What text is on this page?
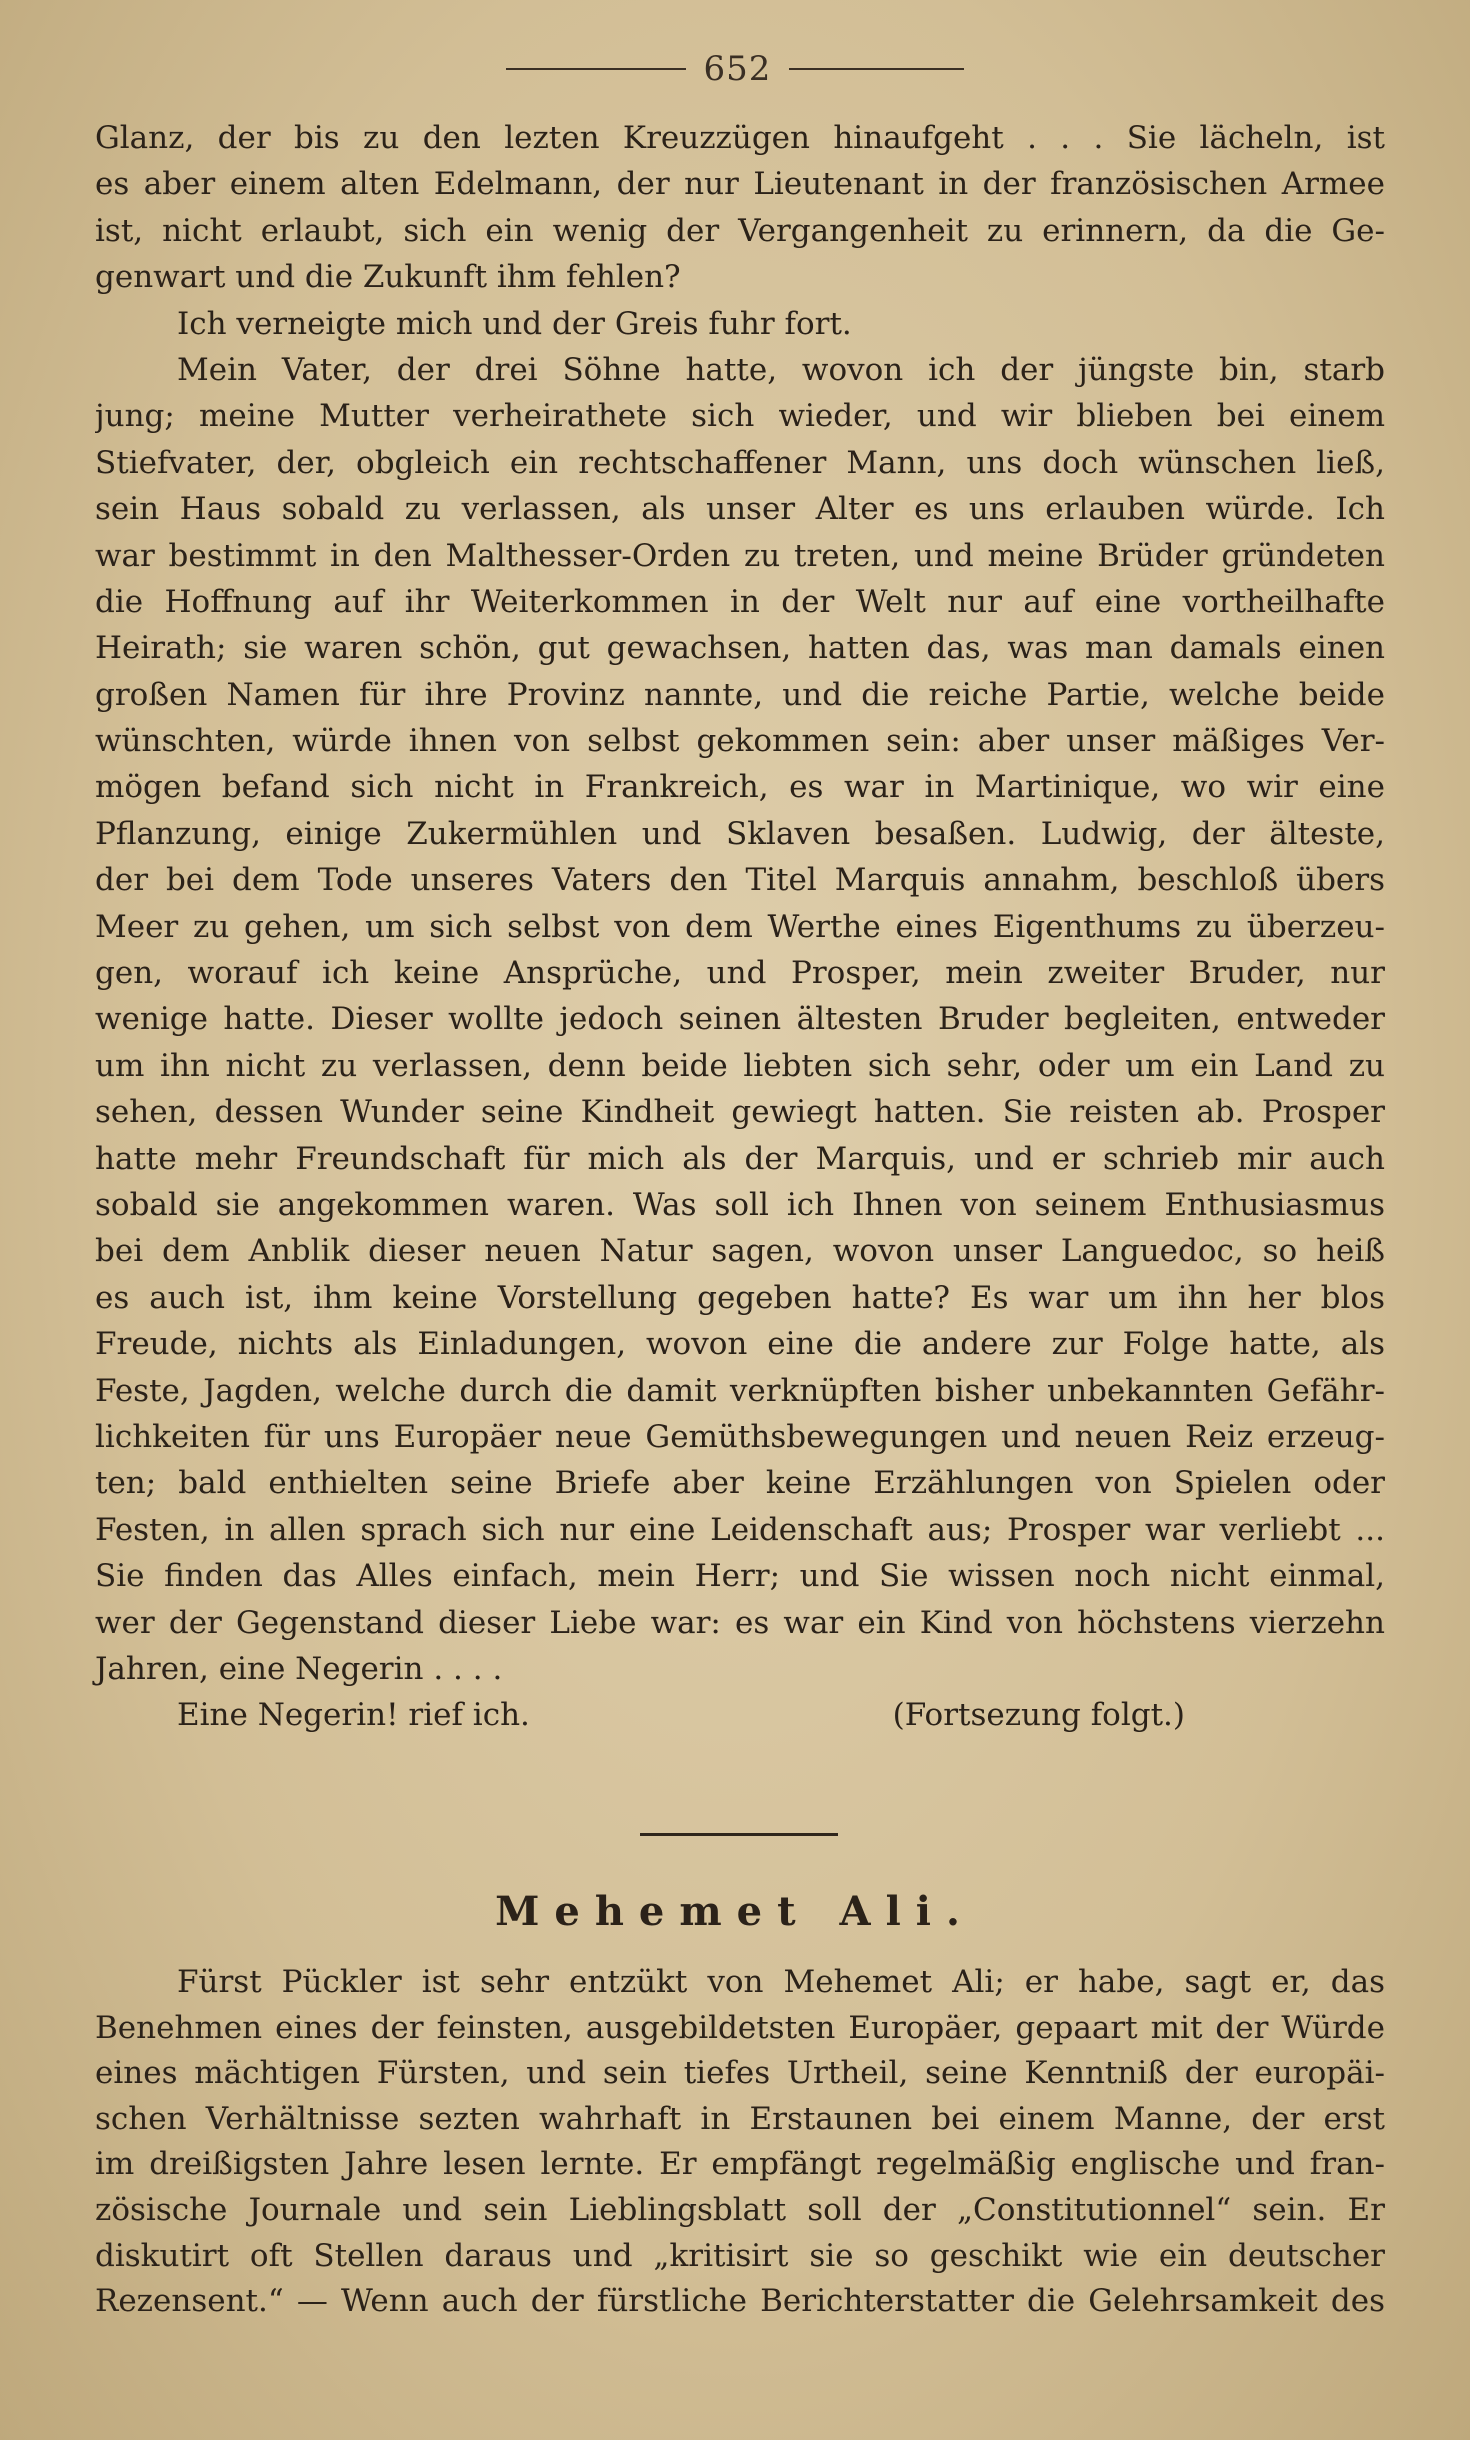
652
Glanz, der bis zu den lezten Kreuzzügen hinaufgeht . . . Sie lächeln, ist
es aber einem alten Edelmann, der nur Lieutenant in der französischen Armee
ist, nicht erlaubt, sich ein wenig der Vergangenheit zu erinnern, da die Ge-
genwart und die Zukunft ihm fehlen?
Ich verneigte mich und der Greis fuhr fort.
Mein Vater, der drei Söhne hatte, wovon ich der jüngste bin, starb
jung; meine Mutter verheirathete sich wieder, und wir blieben bei einem
Stiefvater, der, obgleich ein rechtschaffener Mann, uns doch wünschen ließ,
sein Haus sobald zu verlassen, als unser Alter es uns erlauben würde. Ich
war bestimmt in den Malthesser-Orden zu treten, und meine Brüder gründeten
die Hoffnung auf ihr Weiterkommen in der Welt nur auf eine vortheilhafte
Heirath; sie waren schön, gut gewachsen, hatten das, was man damals einen
großen Namen für ihre Provinz nannte, und die reiche Partie, welche beide
wünschten, würde ihnen von selbst gekommen sein: aber unser mäßiges Ver-
mögen befand sich nicht in Frankreich, es war in Martinique, wo wir eine
Pflanzung, einige Zukermühlen und Sklaven besaßen. Ludwig, der älteste,
der bei dem Tode unseres Vaters den Titel Marquis annahm, beschloß übers
Meer zu gehen, um sich selbst von dem Werthe eines Eigenthums zu überzeu-
gen, worauf ich keine Ansprüche, und Prosper, mein zweiter Bruder, nur
wenige hatte. Dieser wollte jedoch seinen ältesten Bruder begleiten, entweder
um ihn nicht zu verlassen, denn beide liebten sich sehr, oder um ein Land zu
sehen, dessen Wunder seine Kindheit gewiegt hatten. Sie reisten ab. Prosper
hatte mehr Freundschaft für mich als der Marquis, und er schrieb mir auch
sobald sie angekommen waren. Was soll ich Ihnen von seinem Enthusiasmus
bei dem Anblik dieser neuen Natur sagen, wovon unser Languedoc, so heiß
es auch ist, ihm keine Vorstellung gegeben hatte? Es war um ihn her blos
Freude, nichts als Einladungen, wovon eine die andere zur Folge hatte, als
Feste, Jagden, welche durch die damit verknüpften bisher unbekannten Gefähr-
lichkeiten für uns Europäer neue Gemüthsbewegungen und neuen Reiz erzeug-
ten; bald enthielten seine Briefe aber keine Erzählungen von Spielen oder
Festen, in allen sprach sich nur eine Leidenschaft aus; Prosper war verliebt ...
Sie finden das Alles einfach, mein Herr; und Sie wissen noch nicht einmal,
wer der Gegenstand dieser Liebe war: es war ein Kind von höchstens vierzehn
Jahren, eine Negerin . . . .
Eine Negerin! rief ich.	(Fortsezung folgt.)
Mehemet Ali.
Fürst Pückler ist sehr entzükt von Mehemet Ali; er habe, sagt er, das
Benehmen eines der feinsten, ausgebildetsten Europäer, gepaart mit der Würde
eines mächtigen Fürsten, und sein tiefes Urtheil, seine Kenntniß der europäi-
schen Verhältnisse sezten wahrhaft in Erstaunen bei einem Manne, der erst
im dreißigsten Jahre lesen lernte. Er empfängt regelmäßig englische und fran-
zösische Journale und sein Lieblingsblatt soll der „Constitutionnel“ sein. Er
diskutirt oft Stellen daraus und „kritisirt sie so geschikt wie ein deutscher
Rezensent.“ — Wenn auch der fürstliche Berichterstatter die Gelehrsamkeit des
